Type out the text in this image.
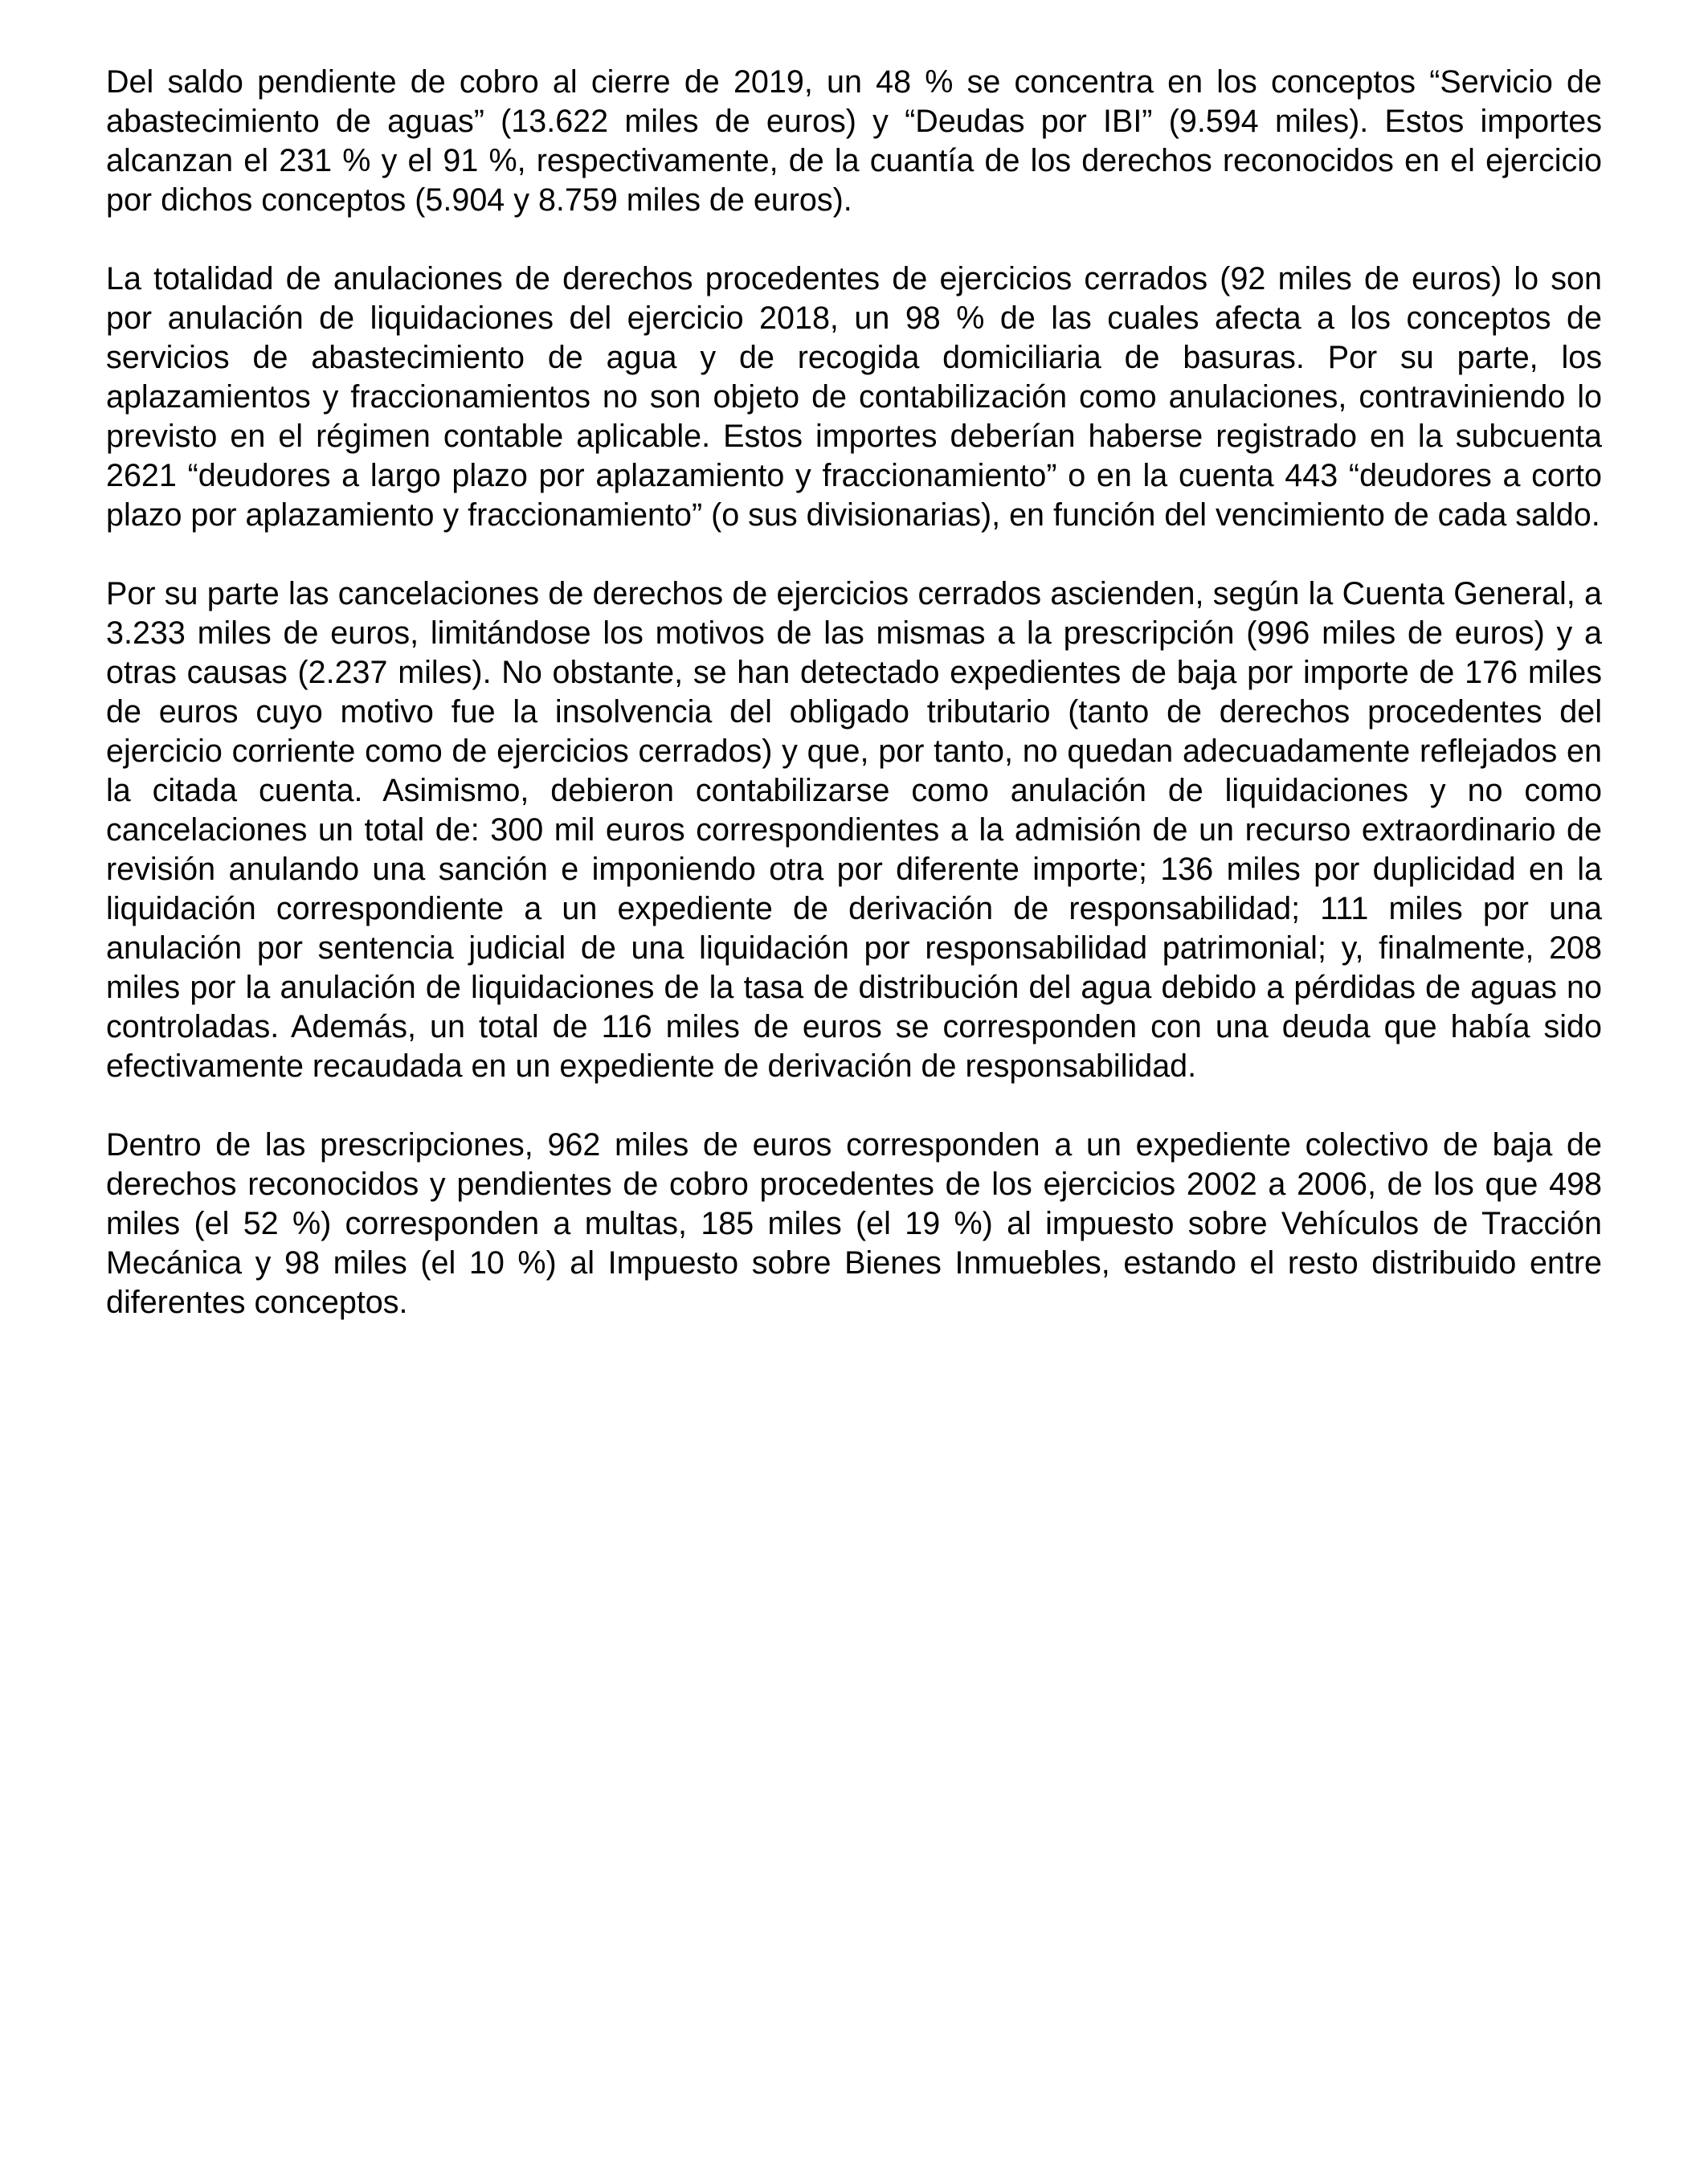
Del saldo pendiente de cobro al cierre de 2019, un 48 % se concentra en los conceptos “Servicio de abastecimiento de aguas” (13.622 miles de euros) y “Deudas por IBI” (9.594 miles). Estos importes alcanzan el 231 % y el 91 %, respectivamente, de la cuantía de los derechos reconocidos en el ejercicio por dichos conceptos (5.904 y 8.759 miles de euros).

La totalidad de anulaciones de derechos procedentes de ejercicios cerrados (92 miles de euros) lo son por anulación de liquidaciones del ejercicio 2018, un 98 % de las cuales afecta a los conceptos de servicios de abastecimiento de agua y de recogida domiciliaria de basuras. Por su parte, los aplazamientos y fraccionamientos no son objeto de contabilización como anulaciones, contraviniendo lo previsto en el régimen contable aplicable. Estos importes deberían haberse registrado en la subcuenta 2621 “deudores a largo plazo por aplazamiento y fraccionamiento” o en la cuenta 443 “deudores a corto plazo por aplazamiento y fraccionamiento” (o sus divisionarias), en función del vencimiento de cada saldo.

Por su parte las cancelaciones de derechos de ejercicios cerrados ascienden, según la Cuenta General, a 3.233 miles de euros, limitándose los motivos de las mismas a la prescripción (996 miles de euros) y a otras causas (2.237 miles). No obstante, se han detectado expedientes de baja por importe de 176 miles de euros cuyo motivo fue la insolvencia del obligado tributario (tanto de derechos procedentes del ejercicio corriente como de ejercicios cerrados) y que, por tanto, no quedan adecuadamente reflejados en la citada cuenta. Asimismo, debieron contabilizarse como anulación de liquidaciones y no como cancelaciones un total de: 300 mil euros correspondientes a la admisión de un recurso extraordinario de revisión anulando una sanción e imponiendo otra por diferente importe; 136 miles por duplicidad en la liquidación correspondiente a un expediente de derivación de responsabilidad; 111 miles por una anulación por sentencia judicial de una liquidación por responsabilidad patrimonial; y, finalmente, 208 miles por la anulación de liquidaciones de la tasa de distribución del agua debido a pérdidas de aguas no controladas. Además, un total de 116 miles de euros se corresponden con una deuda que había sido efectivamente recaudada en un expediente de derivación de responsabilidad.

Dentro de las prescripciones, 962 miles de euros corresponden a un expediente colectivo de baja de derechos reconocidos y pendientes de cobro procedentes de los ejercicios 2002 a 2006, de los que 498 miles (el 52 %) corresponden a multas, 185 miles (el 19 %) al impuesto sobre Vehículos de Tracción Mecánica y 98 miles (el 10 %) al Impuesto sobre Bienes Inmuebles, estando el resto distribuido entre diferentes conceptos.
